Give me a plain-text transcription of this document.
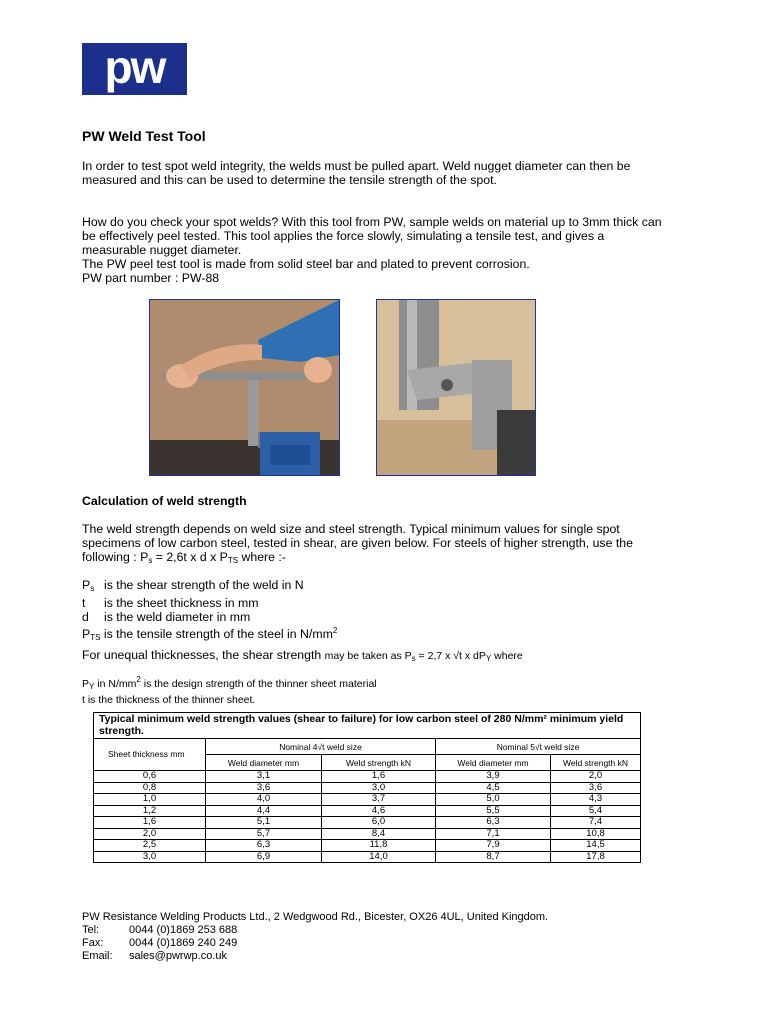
pw
PW Weld Test Tool
In order to test spot weld integrity, the welds must be pulled apart. Weld nugget diameter can then be measured and this can be used to determine the tensile strength of the spot.
How do you check your spot welds? With this tool from PW, sample welds on material up to 3mm thick can be effectively peel tested. This tool applies the force slowly, simulating a tensile test, and gives a measurable nugget diameter.
The PW peel test tool is made from solid steel bar and plated to prevent corrosion.
PW part number : PW-88
Calculation of weld strength
The weld strength depends on weld size and steel strength. Typical minimum values for single spot specimens of low carbon steel, tested in shear, are given below. For steels of higher strength, use the following : $P_s = 2,6t$ x d x $P_{TS}$ where :-
$P_s$ is the shear strength of the weld in N
t is the sheet thickness in mm
d is the weld diameter in mm
$P_{TS}$ is the tensile strength of the steel in $N/mm^2$
For unequal thicknesses, the shear strength may be taken as $P_s = 2,7$ x √t x $dP_Y$ where
$P_Y$ in $N/mm^2$ is the design strength of the thinner sheet material
t is the thickness of the thinner sheet.
Typical minimum weld strength values (shear to failure) for low carbon steel of 280 N/mm² minimum yield strength.				
Sheet thickness mm	Nominal 4√t weld size		Nominal 5√t weld size	
	Weld diameter mm	Weld strength kN	Weld diameter mm	Weld strength kN
0,6	3,1	1,6	3,9	2,0
0,8	3,6	3,0	4,5	3,6
1,0	4,0	3,7	5,0	4,3
1,2	4,4	4,6	5,5	5,4
1,6	5,1	6,0	6,3	7,4
2,0	5,7	8,4	7,1	10,8
2,5	6,3	11,8	7,9	14,5
3,0	6,9	14,0	8,7	17,8
PW Resistance Welding Products Ltd., 2 Wedgwood Rd., Bicester, OX26 4UL, United Kingdom.
Tel:	0044 (0)1869 253 688
Fax: 0044 (0)1869 240 249
Email: sales@pwrwp.co.uk
